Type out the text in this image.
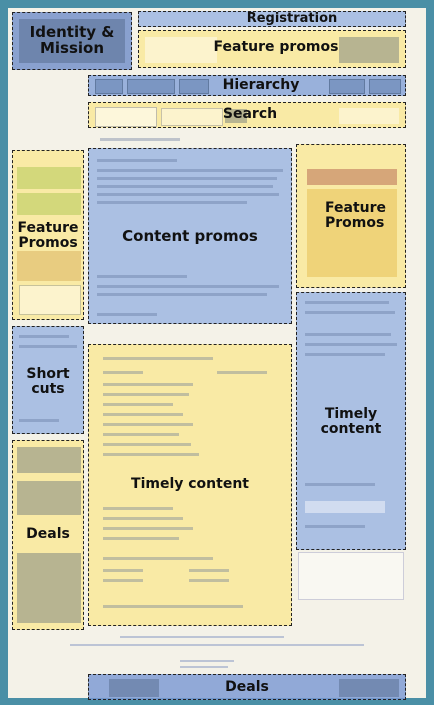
Identity & Mission
Registration
Feature promos
Hierarchy
Search
Feature Promos	Content promos
Feature Promos
Short cuts
Timely content
Timely content
Deals
Deals
